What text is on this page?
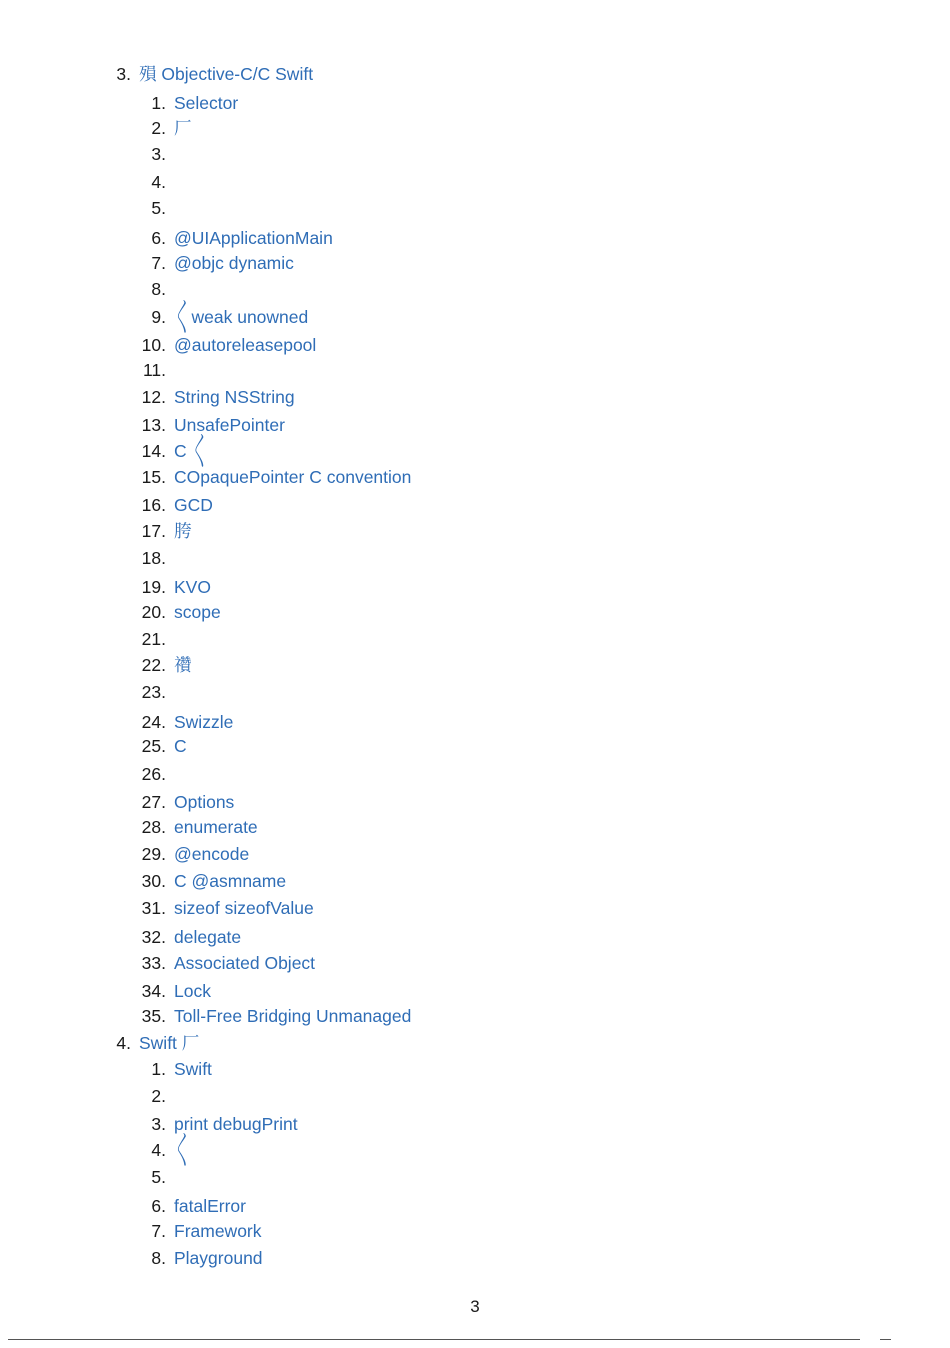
3. 殞 Objective-C/C Swift
1. Selector
2. ⼚
3.
4.
5.
6. @UIApplicationMain
7. @objc dynamic
8.
9. 〳〵weak unowned
10. @autoreleasepool
11.
12. String NSString
13. UnsafePointer
14. C 〳〵
15. COpaquePointer C convention
16. GCD
17. 胯
18.
19. KVO
20. scope
21.
22. 禶
23.
24. Swizzle
25. C
26.
27. Options
28. enumerate
29. @encode
30. C @asmname
31. sizeof sizeofValue
32. delegate
33. Associated Object
34. Lock
35. Toll-Free Bridging Unmanaged
4. Swift ⼚
1. Swift
2.
3. print debugPrint
4. 〳〵
5.
6. fatalError
7. Framework
8. Playground
3
